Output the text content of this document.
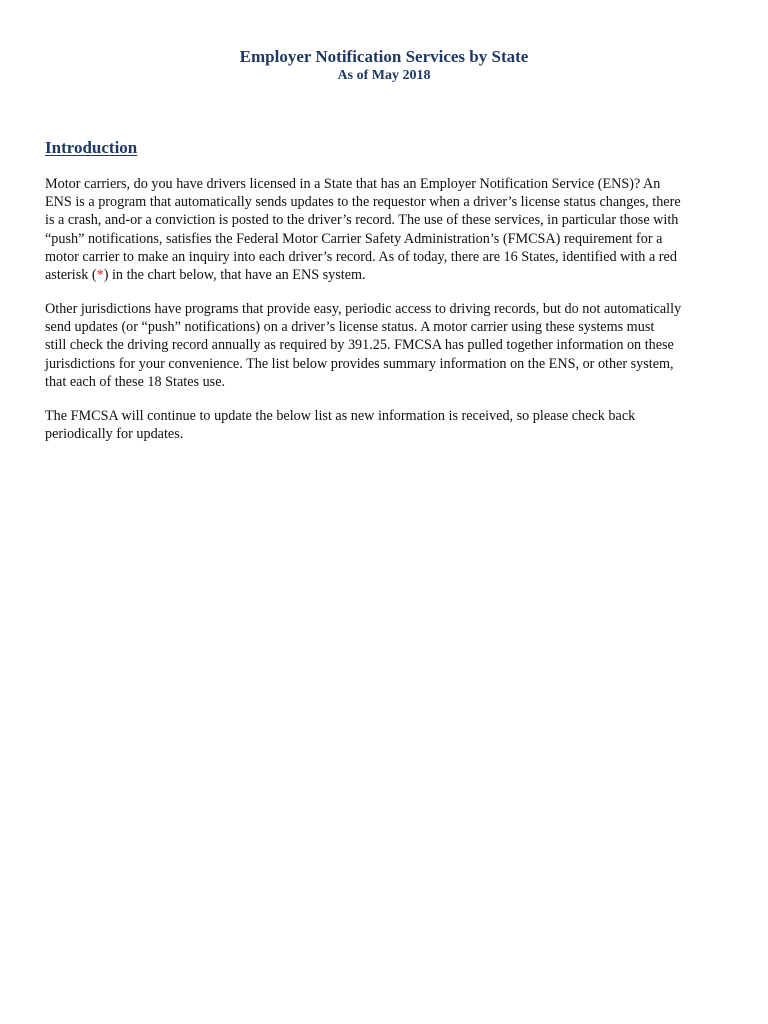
Employer Notification Services by State
As of May 2018
Introduction

Motor carriers, do you have drivers licensed in a State that has an Employer Notification Service (ENS)? An
ENS is a program that automatically sends updates to the requestor when a driver’s license status changes, there
is a crash, and-or a conviction is posted to the driver’s record. The use of these services, in particular those with
“push” notifications, satisfies the Federal Motor Carrier Safety Administration’s (FMCSA) requirement for a
motor carrier to make an inquiry into each driver’s record. As of today, there are 16 States, identified with a red
asterisk (*) in the chart below, that have an ENS system.

Other jurisdictions have programs that provide easy, periodic access to driving records, but do not automatically
send updates (or “push” notifications) on a driver’s license status. A motor carrier using these systems must
still check the driving record annually as required by 391.25. FMCSA has pulled together information on these
jurisdictions for your convenience. The list below provides summary information on the ENS, or other system,
that each of these 18 States use.

The FMCSA will continue to update the below list as new information is received, so please check back
periodically for updates.
